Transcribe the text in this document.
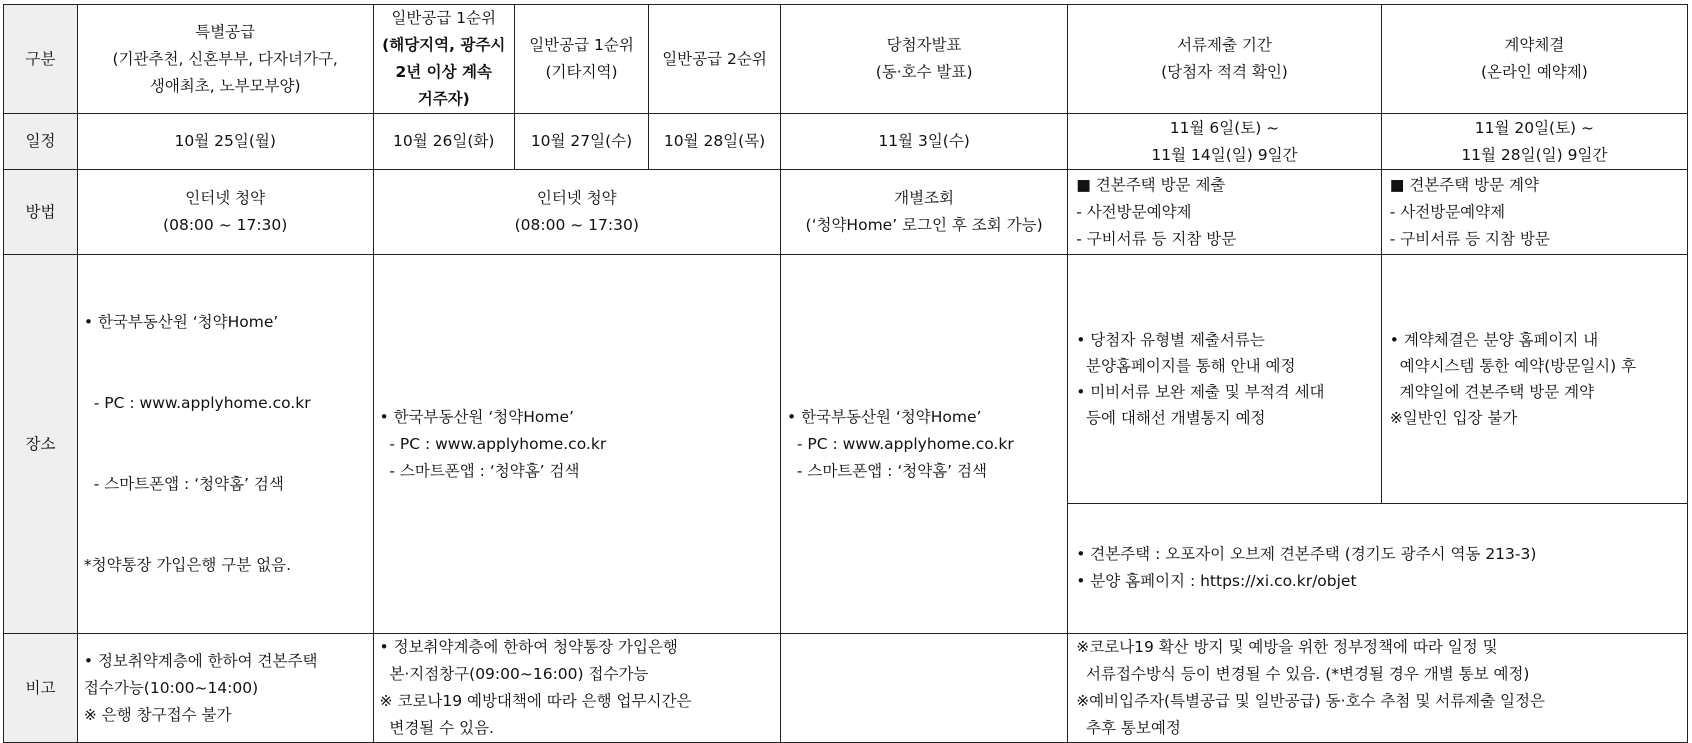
구분	특별공급
(기관추천, 신혼부부, 다자녀가구,
생애최초, 노부모부양)	일반공급 1순위
(해당지역, 광주시
2년 이상 계속
거주자)	일반공급 1순위
(기타지역)	일반공급 2순위	당첨자발표
(동·호수 발표)	서류제출 기간
(당첨자 적격 확인)	계약체결
(온라인 예약제)

일정	10월 25일(월)	10월 26일(화)	10월 27일(수)	10월 28일(목)	11월 3일(수)	11월 6일(토) ~
11월 14일(일) 9일간	11월 20일(토) ~
11월 28일(일) 9일간

방법	인터넷 청약
(08:00 ~ 17:30)	인터넷 청약
(08:00 ~ 17:30)			개별조회
(‘청약Home’ 로그인 후 조회 가능)	■ 견본주택 방문 제출
- 사전방문예약제
- 구비서류 등 지참 방문	■ 견본주택 방문 계약
- 사전방문예약제
- 구비서류 등 지참 방문

장소	• 한국부동산원 ‘청약Home’

- PC : www.applyhome.co.kr

- 스마트폰앱 : ‘청약홈’ 검색

*청약통장 가입은행 구분 없음.	• 한국부동산원 ‘청약Home’
- PC : www.applyhome.co.kr
- 스마트폰앱 : ‘청약홈’ 검색			• 한국부동산원 ‘청약Home’
- PC : www.applyhome.co.kr
- 스마트폰앱 : ‘청약홈’ 검색	• 당첨자 유형별 제출서류는
분양홈페이지를 통해 안내 예정
• 미비서류 보완 제출 및 부적격 세대
등에 대해선 개별통지 예정	• 계약체결은 분양 홈페이지 내
예약시스템 통한 예약(방문일시) 후
계약일에 견본주택 방문 계약
※일반인 입장 불가

						• 견본주택 : 오포자이 오브제 견본주택 (경기도 광주시 역동 213-3)
• 분양 홈페이지 : https://xi.co.kr/objet	

비고	• 정보취약계층에 한하여 견본주택
접수가능(10:00~14:00)
※ 은행 창구접수 불가	• 정보취약계층에 한하여 청약통장 가입은행
본·지점창구(09:00~16:00) 접수가능
※ 코로나19 예방대책에 따라 은행 업무시간은
변경될 수 있음.				※코로나19 확산 방지 및 예방을 위한 정부정책에 따라 일정 및
서류접수방식 등이 변경될 수 있음. (*변경될 경우 개별 통보 예정)
※예비입주자(특별공급 및 일반공급) 동·호수 추첨 및 서류제출 일정은
추후 통보예정	
